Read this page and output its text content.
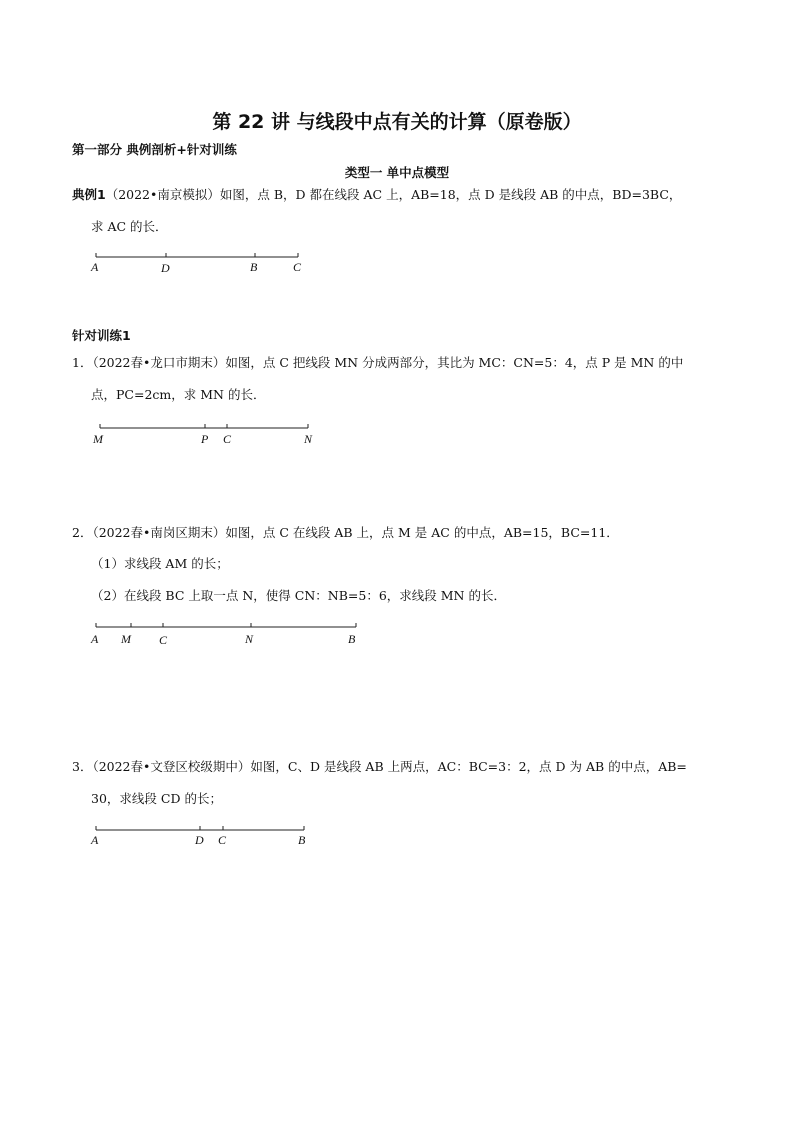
第 22 讲 与线段中点有关的计算（原卷版）
第一部分 典例剖析+针对训练
类型一 单中点模型
典例1（2022•南京模拟）如图，点 B，D 都在线段 AC 上，AB=18，点 D 是线段 AB 的中点，BD=3BC，
求 AC 的长．
A	D	B	C
针对训练1
1．（2022春•龙口市期末）如图，点 C 把线段 MN 分成两部分，其比为 MC：CN=5：4，点 P 是 MN 的中
点，PC=2cm，求 MN 的长．
M	P C	N
2．（2022春•南岗区期末）如图，点 C 在线段 AB 上，点 M 是 AC 的中点，AB=15，BC=11．
（1）求线段 AM 的长；
（2）在线段 BC 上取一点 N，使得 CN：NB=5：6，求线段 MN 的长．
A M C	N	B
3．（2022春•文登区校级期中）如图，C、D 是线段 AB 上两点，AC：BC=3：2，点 D 为 AB 的中点，AB=
30，求线段 CD 的长；
A	D C	B
